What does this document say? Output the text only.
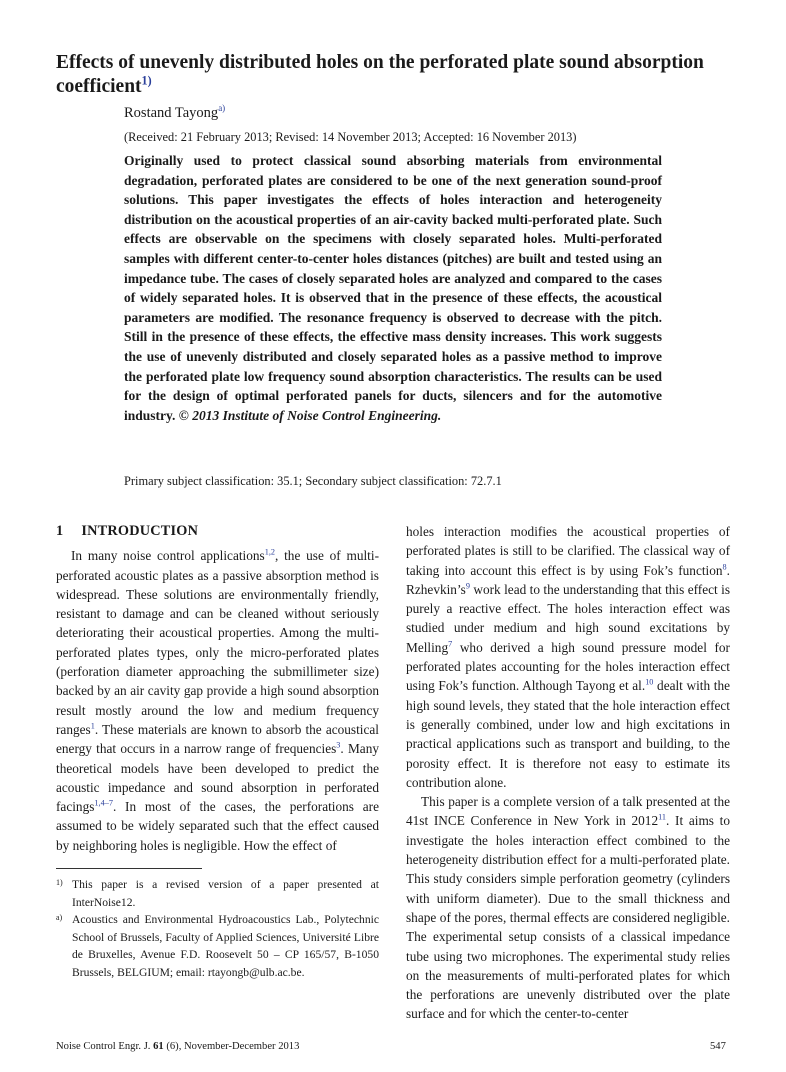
Effects of unevenly distributed holes on the perforated plate sound absorption coefficient$^{1)}$
Rostand Tayong$^{a)}$
(Received: 21 February 2013; Revised: 14 November 2013; Accepted: 16 November 2013)
Originally used to protect classical sound absorbing materials from environmental degradation, perforated plates are considered to be one of the next generation sound-proof solutions. This paper investigates the effects of holes interaction and heterogeneity distribution on the acoustical properties of an air-cavity backed multi-perforated plate. Such effects are observable on the specimens with closely separated holes. Multi-perforated samples with different center-to-center holes distances (pitches) are built and tested using an impedance tube. The cases of closely separated holes are analyzed and compared to the cases of widely separated holes. It is observed that in the presence of these effects, the acoustical parameters are modified. The resonance frequency is observed to decrease with the pitch. Still in the presence of these effects, the effective mass density increases. This work suggests the use of unevenly distributed and closely separated holes as a passive method to improve the perforated plate low frequency sound absorption characteristics. The results can be used for the design of optimal perforated panels for ducts, silencers and for the automotive industry. © 2013 Institute of Noise Control Engineering.
Primary subject classification: 35.1; Secondary subject classification: 72.7.1
1 INTRODUCTION

In many noise control applications$^{1,2}$, the use of multi-perforated acoustic plates as a passive absorption method is widespread. These solutions are environmentally friendly, resistant to damage and can be cleaned without seriously deteriorating their acoustical properties. Among the multi-perforated plates types, only the micro-perforated plates (perforation diameter approaching the submillimeter size) backed by an air cavity gap provide a high sound absorption result mostly around the low and medium frequency ranges$^1$. These materials are known to absorb the acoustical energy that occurs in a narrow range of frequencies$^3$. Many theoretical models have been developed to predict the acoustic impedance and sound absorption in perforated facings$^{1,4-7}$. In most of the cases, the perforations are assumed to be widely separated such that the effect caused by neighboring holes is negligible. How the effect of

holes interaction modifies the acoustical properties of perforated plates is still to be clarified. The classical way of taking into account this effect is by using Fok’s function$^8$. $Rzhevkin’s^9$ work lead to the understanding that this effect is purely a reactive effect. The holes interaction effect was studied under medium and high sound excitations by Melling$^7$ who derived a high sound pressure model for perforated plates accounting for the holes interaction effect using Fok’s function. Although Tayong et al.$^{10}$ dealt with the high sound levels, they stated that the hole interaction effect is generally combined, under low and high excitations in practical applications such as transport and building, to the porosity effect. It is therefore not easy to estimate its contribution alone.

This paper is a complete version of a talk presented at the 41st INCE Conference in New York in 2012$^{11}$. It aims to investigate the holes interaction effect combined to the heterogeneity distribution effect for a multi-perforated plate. This study considers simple perforation geometry (cylinders with uniform diameter). Due to the small thickness and shape of the pores, thermal effects are considered negligible. The experimental setup consists of a classical impedance tube using two microphones. The experimental study relies on the measurements of multi-perforated plates for which the perforations are unevenly distributed over the plate surface and for which the center-to-center

1) This paper is a revised version of a paper presented at InterNoise12.
a) Acoustics and Environmental Hydroacoustics Lab., Polytechnic School of Brussels, Faculty of Applied Sciences, Université Libre de Bruxelles, Avenue F.D. Roosevelt 50 – CP 165/57, B-1050 Brussels, BELGIUM; email: rtayongb@ulb.ac.be.
Noise Control Engr. J. 61 (6), November-December 2013	547
